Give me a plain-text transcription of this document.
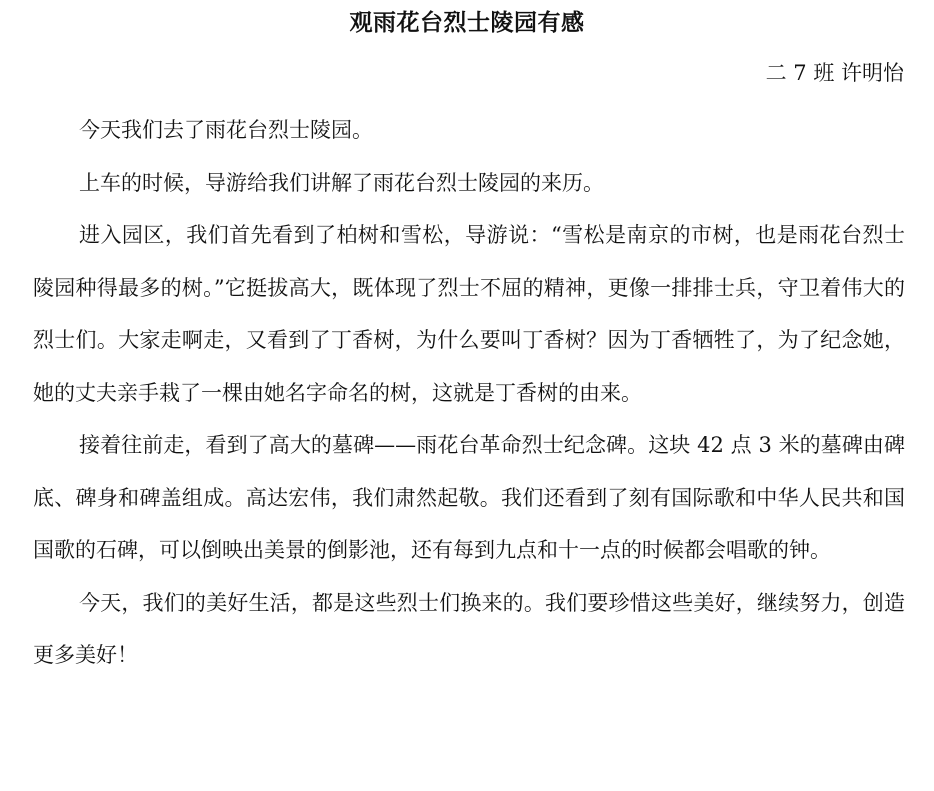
观雨花台烈士陵园有感

二 7 班 许明怡

今天我们去了雨花台烈士陵园。

上车的时候，导游给我们讲解了雨花台烈士陵园的来历。

进入园区，我们首先看到了柏树和雪松，导游说：“雪松是南京的市树，也是雨花台烈士陵园种得最多的树。”它挺拔高大，既体现了烈士不屈的精神，更像一排排士兵，守卫着伟大的烈士们。大家走啊走，又看到了丁香树，为什么要叫丁香树？因为丁香牺牲了，为了纪念她，她的丈夫亲手栽了一棵由她名字命名的树，这就是丁香树的由来。

接着往前走，看到了高大的墓碑——雨花台革命烈士纪念碑。这块 42 点 3 米的墓碑由碑底、碑身和碑盖组成。高达宏伟，我们肃然起敬。我们还看到了刻有国际歌和中华人民共和国国歌的石碑，可以倒映出美景的倒影池，还有每到九点和十一点的时候都会唱歌的钟。

今天，我们的美好生活，都是这些烈士们换来的。我们要珍惜这些美好，继续努力，创造更多美好！
